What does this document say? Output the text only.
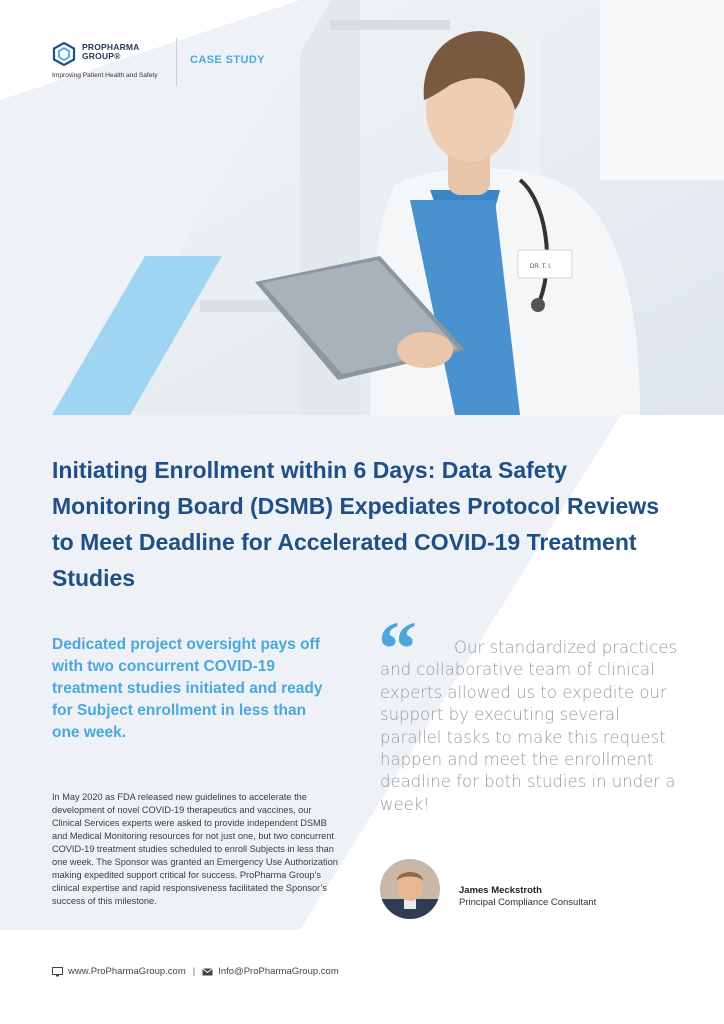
DR. T. I.
PROPHARMA
GROUP®
Improving Patient Health and Safety
CASE STUDY
Initiating Enrollment within 6 Days: Data Safety Monitoring Board (DSMB) Expediates Protocol Reviews to Meet Deadline for Accelerated COVID-19 Treatment Studies

Dedicated project oversight pays off with two concurrent COVID-19 treatment studies initiated and ready for Subject enrollment in less than one week.

In May 2020 as FDA released new guidelines to accelerate the development of novel COVID-19 therapeutics and vaccines, our Clinical Services experts were asked to provide independent DSMB and Medical Monitoring resources for not just one, but two concurrent COVID-19 treatment studies scheduled to enroll Subjects in less than one week. The Sponsor was granted an Emergency Use Authorization making expedited support critical for success. ProPharma Group’s clinical expertise and rapid responsiveness facilitated the Sponsor’s success of this milestone.

“	Our standardized practices and collaborative team of clinical experts allowed us to expedite our support by executing several parallel tasks to make this request happen and meet the enrollment deadline for both studies in under a week!

James Meckstroth
Principal Compliance Consultant
www.ProPharmaGroup.com | Info@ProPharmaGroup.com
